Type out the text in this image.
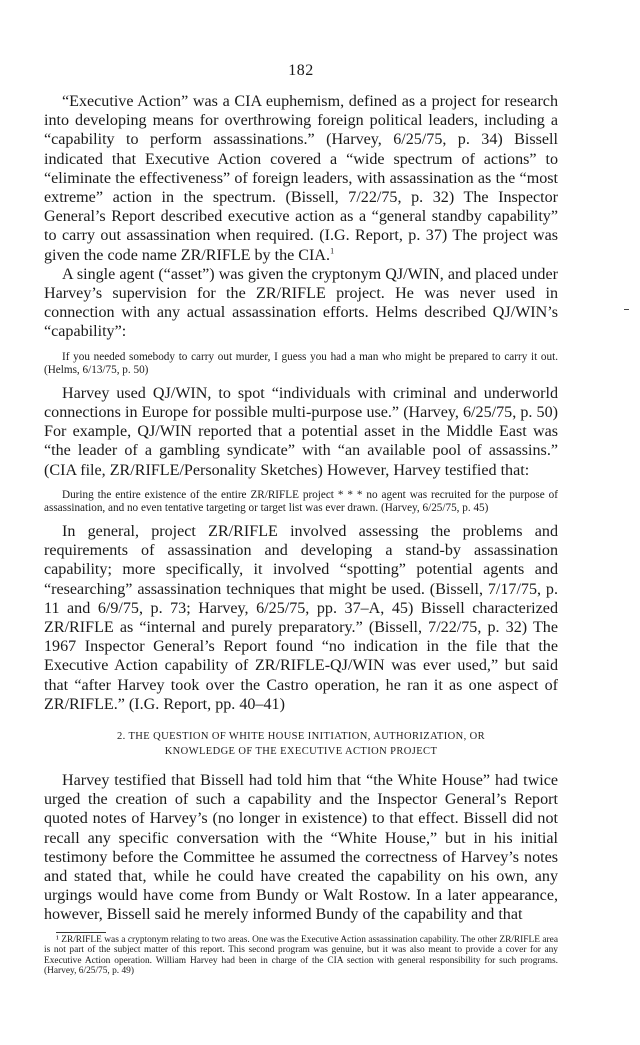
182

“Executive Action” was a CIA euphemism, defined as a project for research into developing means for overthrowing foreign political leaders, including a “capability to perform assassinations.” (Harvey, 6/25/75, p. 34) Bissell indicated that Executive Action covered a “wide spectrum of actions” to “eliminate the effectiveness” of foreign leaders, with assassination as the “most extreme” action in the spectrum. (Bissell, 7/22/75, p. 32) The Inspector General’s Report described executive action as a “general standby capability” to carry out assassination when required. (I.G. Report, p. 37) The project was given the code name ZR/RIFLE by the CIA.$^1$

A single agent (“asset”) was given the cryptonym QJ/WIN, and placed under Harvey’s supervision for the ZR/RIFLE project. He was never used in connection with any actual assassination efforts. Helms described QJ/WIN’s “capability”:

If you needed somebody to carry out murder, I guess you had a man who might be prepared to carry it out. (Helms, 6/13/75, p. 50)

Harvey used QJ/WIN, to spot “individuals with criminal and underworld connections in Europe for possible multi-purpose use.” (Harvey, 6/25/75, p. 50) For example, QJ/WIN reported that a potential asset in the Middle East was “the leader of a gambling syndicate” with “an available pool of assassins.” (CIA file, ZR/RIFLE/Personality Sketches) However, Harvey testified that:

During the entire existence of the entire ZR/RIFLE project * * * no agent was recruited for the purpose of assassination, and no even tentative targeting or target list was ever drawn. (Harvey, 6/25/75, p. 45)

In general, project ZR/RIFLE involved assessing the problems and requirements of assassination and developing a stand-by assassination capability; more specifically, it involved “spotting” potential agents and “researching” assassination techniques that might be used. (Bissell, 7/17/75, p. 11 and 6/9/75, p. 73; Harvey, 6/25/75, pp. 37–A, 45) Bissell characterized ZR/RIFLE as “internal and purely preparatory.” (Bissell, 7/22/75, p. 32) The 1967 Inspector General’s Report found “no indication in the file that the Executive Action capability of ZR/RIFLE-QJ/WIN was ever used,” but said that “after Harvey took over the Castro operation, he ran it as one aspect of ZR/RIFLE.” (I.G. Report, pp. 40–41)

2. THE QUESTION OF WHITE HOUSE INITIATION, AUTHORIZATION, OR
KNOWLEDGE OF THE EXECUTIVE ACTION PROJECT

Harvey testified that Bissell had told him that “the White House” had twice urged the creation of such a capability and the Inspector General’s Report quoted notes of Harvey’s (no longer in existence) to that effect. Bissell did not recall any specific conversation with the “White House,” but in his initial testimony before the Committee he assumed the correctness of Harvey’s notes and stated that, while he could have created the capability on his own, any urgings would have come from Bundy or Walt Rostow. In a later appearance, however, Bissell said he merely informed Bundy of the capability and that

¹ ZR/RIFLE was a cryptonym relating to two areas. One was the Executive Action assassination capability. The other ZR/RIFLE area is not part of the subject matter of this report. This second program was genuine, but it was also meant to provide a cover for any Executive Action operation. William Harvey had been in charge of the CIA section with general responsibility for such programs. (Harvey, 6/25/75, p. 49)
